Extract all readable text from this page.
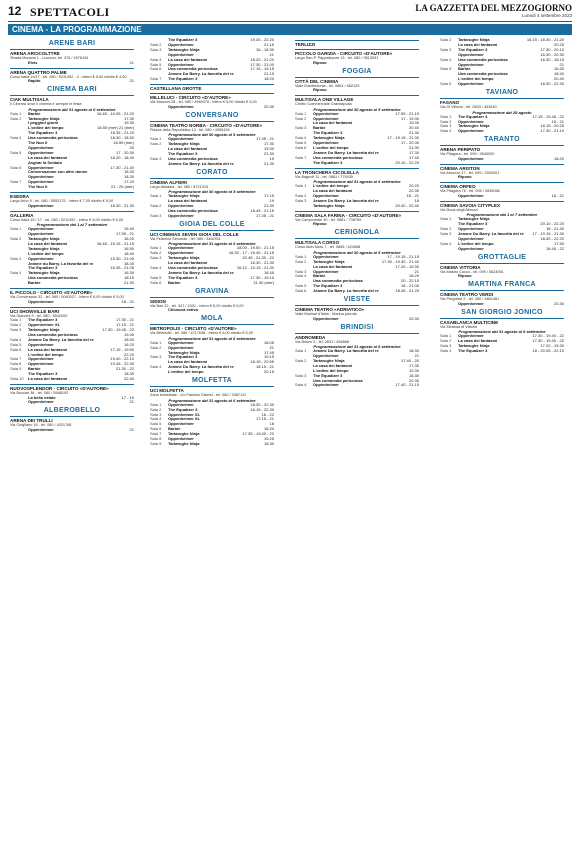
12 SPETTACOLI	LA GAZZETTA DEL MEZZOGIORNO
Lunedì 4 settembre 2023
CINEMA - LA PROGRAMMAZIONE
ARENE BARI
ARENA ARCICOLTTRE
Strada Moravia 1 - Lucumo, tel. 376 / 4976194
Elvis	21
ARENA QUATTRO PALME
Corso Italia 19/17 - tel. 080 / 5211492 - 4 - intero € 5,00 ridotto € 4,00
Rapito	21
CINEMA BARI
CIAK MULTISALA
Il Cinema dove il cinema è sempre in festa
Programmazione dal 31 agosto al 6 settembre
Sala 1	Barbie	16.45 - 19.05 - 21.20
Sala 2	Tartarughe Ninja	17.30
I peggiori giorni	19.30
L'ordine del tempo	18.50 (mer) 21 (mer)
The Equalizer 3	18.35 - 21.20
Sala 4	Una commedia pericolosa	18.30 - 18.50
The Nun II	18.50 (mer)
Oppenheimer	20
Sala 5	Oppenheimer	17 - 20.30
La casa dei fantasmi	18.20 - 18.40
Asghar la Soldato
Sala 6	Oppenheimer	17.30 - 21.40
Conversazione con altre donne	18.30
Oppenheimer	18.30
Sala 7	Oppenheimer	17.20
The Nun II	21 - 20 (mer)
ESEDRA
Largo Arno 9 - tel. 080 / 5553175 - intero € 7,00 ridotto € 5,00
Oppenheimer	18.30 - 21.30
GALLERIA
Corso Italia 15 / 17 - tel. 080 / 5211492 - intero € 8,00 ridotto € 6,00
Programmazione dal 1 al 7 settembre
Sala 1	Oppenheimer	15.40
Oppenheimer	17.55 - 21
Sala 2	Tartarughe Ninja	16.20
La casa dei fantasmi	16.45 - 19.15 - 21.15
Tartarughe Ninja	16.50
L'ordine del tempo	18.40
Sala 3	Oppenheimer	15.30 - 21.05
Jeanne du Barry. La favorita del re	18.30
The Equalizer 3	16.35 - 21.05
Sala 4	Tartarughe Ninja	16.30
Una commedia pericolosa	18.15
Barbie	21.30
IL PICCOLO - CIRCUITO «D'AUTORE»
Via Conversano 32 - tel. 080 / 5040027 - intero € 6,00 ridotto € 5,00
Oppenheimer	18 - 21
UCI SHOWVILLE BARI
Via Giannini 9 - tel. 080 / 5542000
Sala 1	The Equalizer 3	17.30 - 21
Sala 2	Oppenheimer XL	17.15 - 21
Sala 3	Tartarughe Ninja	17.30 - 19.45 - 22
Una commedia pericolosa	19.45
Sala 4	Jeanne Du Barry. La favorita del re	18.50
Sala 5	Oppenheimer	16.20
Sala 6	La casa dei fantasmi	17.15 - 19.50
L'ordine del tempo	22.20
Sala 7	Oppenheimer	19.40 - 22.10
Sala 8	Oppenheimer	19.45 - 22.30
Sala 9	Barbie	21.30 - 22
The Equalizer 3	18.30
Sala 10	La casa dei fantasmi	22.40
NUOVOSPLENDOR - CIRCUITO «D'AUTORE»
Via Buccari 36 - tel. 080 / 5568192
La bella estate	17 - 19
Oppenheimer	21
ALBEROBELLO
ARENA DEI TRULLI
Via Cirigliano 16 - tel. 080 / 4321768
Oppenheimer	21
The Equalizer 3	19.30 - 22.20
Sala 2	Oppenheimer	21.15
Sala 3	Tartarughe Ninja	16 - 18.30
Oppenheimer	21
Sala 4	La casa dei fantasmi	18.20 - 21.20
Sala 5	Oppenheimer	17.30 - 21.00
Sala 6	Una commedia pericolosa	17.15 - 19.15
Jeanne Du Barry. La favorita del re	21.15
Sala 7	The Equalizer 3	18.20
CASTELLANA GROTTE
MILLELUCI - CIRCUITO «D'AUTORE»
Via Marconi 26 - tel. 080 / 4965378 - intero € 6,00 ridotto € 5,00
Oppenheimer	20.30
CONVERSANO
CINEMA TEATRO NORBA - CIRCUITO «D'AUTORE»
Piazza della Repubblica 14 - tel. 080 / 4956426
Programmazione dal 30 agosto al 5 settembre
Sala 1	Oppenheimer	17.45 - 21
Sala 2	Tartarughe Ninja	17.30
La casa dei fantasmi	19.30
The Equalizer 3	21.30
Sala 3	Una commedia pericolosa	19
Jeanne Du Barry. La favorita del re	21.30
CORATO
CINEMA ALFIERI
Largo Abbazia - tel. 080 / 8721015
Programmazione dal 30 agosto al 5 settembre
Sala 1	Tartarughe Ninja	17.15
La casa dei fantasmi	19
Sala 2	Oppenheimer	21.30
Una commedia pericolosa	18.45 - 21.15
Sala 3	Oppenheimer	17.45 - 21
GIOIA DEL COLLE
UCI CINEMAS SEVEN GIOIA DEL COLLE
Via Federico Secondo - tel. 080 / 3462911
Programmazione dal 31 agosto al 6 settembre
Sala 1	Oppenheimer	18.00 - 19.50 - 21.15
Sala 2	Oppenheimer	16.30 - 17 - 19.45 - 21.15
Sala 3	Tartarughe Ninja	20.45 - 21.30 - 22
La casa dei fantasmi	16.30 - 21.30
Sala 4	Una commedia pericolosa	16.10 - 19.15 - 21.30
Jeanne Du Barry. La favorita del re	18.45
Sala 5	The Equalizer 3	17.30 - 19.10
Sala 6	Barbie	21.30 (mer)
GRAVINA
SIDION
Via Bari 22 - tel. 347 / 2401 - intero € 6,00 ridotto € 5,00
Chiusura estiva
MOLA
METROPOLIS - CIRCUITO «D'AUTORE»
Via Bertolotti - tel. 080 / 4717638 - intero € 6,00 ridotto € 5,00
Programmazione dal 31 agosto al 6 settembre
Sala 1	Oppenheimer	18.05
Sala 2	Oppenheimer	21
Tartarughe Ninja	17.45
Sala 3	The Equalizer 3	19.15
La casa dei fantasmi	18.15 - 20.55
Sala 4	Jeanne Du Barry. La favorita del re	18.15 - 21
L'ordine del tempo	20.15
MOLFETTA
UCI MOLFETTA
Zona industriale - c/o Fashion District - tel. 080 / 3387112
Programmazione dal 31 agosto al 6 settembre
Sala 1	Oppenheimer	18.30 - 22.30
Sala 2	The Equalizer 3	16.15 - 22.30
Sala 3	Oppenheimer XL	16 - 22
Sala 4	Oppenheimer XL	17.15 - 21
Sala 5	Oppenheimer	18
Sala 6	Barbie	16.20
Sala 7	Tartarughe Ninja	17.35 - 19.40 - 22
Sala 8	Oppenheimer	19.25
Sala 9	Tartarughe Ninja	16.30
TERLIZZI
PICCOLO GARIZIA - CIRCUITO «D'AUTORE»
Largo San P. Pappalepore 13 - tel. 080 / 3513091
Riposo
FOGGIA
CITTÀ DEL CINEMA
Viale Manfredonia - tel. 0881 / 682129
Riposo
MULTISALA ONE VILLAGE
Centro Commerciale Grandapulia
Programmazione dal 30 agosto al 5 settembre
Sala 1	Oppenheimer	17.55 - 21.15
Sala 2	Oppenheimer	17 - 19.30
La casa dei fantasmi	19.30
Sala 3	Barbie	20.40
The Equalizer 3	21.30
Sala 4	Tartarughe Ninja	17 - 19.15 - 21.30
Sala 5	Oppenheimer	17 - 20.30
Sala 6	L'ordine del tempo	21.30
Jeanne Du Barry. La favorita del re	17.30
Sala 7	Una commedia pericolosa	17.40
The Equalizer 3	20.10 - 22.20
LA TRONCHERA CICOLELLA
Via Bagnoli 11 - tel. 0881 / 775435
Programmazione dal 31 agosto al 6 settembre
Sala 1	L'ordine del tempo	20.20
La casa dei fantasmi	22.30
Sala 2	Oppenheimer	18 - 21
Sala 3	Jeanne Du Barry. La favorita del re	18
Tartarughe Ninja	20.40 - 22.40
CINEMA SALA FARINA - CIRCUITO «D'AUTORE»
Via Camporeale 30 - tel. 0881 / 708769
Riposo
CERIGNOLA
MULTISALA CORSO
Corso Aldo Moro 7 - tel. 0885 / 424068
Programmazione dal 30 agosto al 5 settembre
Sala 1	Oppenheimer	17 - 19.15 - 21.15
Sala 2	Tartarughe Ninja	17.30 - 19.30 - 21.40
La casa dei fantasmi	17.20 - 19.30
Sala 3	Oppenheimer	21
Sala 4	Barbie	18.20
Una commedia pericolosa	20 - 22.15
Sala 5	The Equalizer 3	18 - 21.05
Sala 6	Jeanne Du Barry. La favorita del re	18.45 - 21.20
VIESTE
CINEMA TEATRO «ADRIATICO»
Viale Marinai d'Italia - Marina piccola
Oppenheimer	20.30
BRINDISI
ANDROMEDA
Via Bosco 2 - tel. 0831 / 456868
Programmazione dal 31 agosto al 6 settembre
Sala 1	Jeanne Du Barry. La favorita del re	18.30
Oppenheimer	21
Sala 2	Tartarughe Ninja	17.40 - 20
La casa dei fantasmi	17.30
L'ordine del tempo	19.30
Sala 3	The Equalizer 3	18.30
Una commedia pericolosa	20.30
Sala 4	Oppenheimer	17.40 - 21.15
Sala 2	Tartarughe Ninja	16.15 - 18.30 - 21.20
La casa dei fantasmi	20.25
Sala 3	The Equalizer 3	17.30 - 20.10
Oppenheimer	16.30 - 20.30
Sala 4	Una commedia pericolosa	16.30 - 18.15
Oppenheimer	21
Sala 5	Barbie	16.30
Una commedia pericolosa	18.40
L'ordine del tempo	20.40
Sala 6	Oppenheimer	18.30 - 22.30
TAVIANO
FASANO
Via Di Vittorio - tel. 0833 / 453430
Programmazione dal 28 agosto
Sala 1	The Equalizer 3	17.15 - 19.45 - 22
Sala 2	Oppenheimer	18 - 21
Sala 3	Tartarughe Ninja	18.15 - 20.25
Sala 4	Oppenheimer	17.30 - 21.10
TARANTO
ARENA PERIPATO
Via Pitagora - tel. 099 / 4540000
Oppenheimer	18.20
CINEMA ARISTON
Via Abruzzo 17 - tel. 099 / 2500001
Riposo
CINEMA ORFEO
Via Pitagora 76 - tel. 099 / 4535066
Oppenheimer	18 - 21
CINEMA SAVOIA CITYPLEX
Via Duca degli Abruzzi
Programmazione dal 1 al 7 settembre
Sala 1	Tartarughe Ninja
The Equalizer 3	20.10 - 22.20
Sala 2	Oppenheimer	18 - 21.30
Sala 3	Jeanne Du Barry. La favorita del re	17 - 19.15 - 21.30
Oppenheimer	18.30 - 22.20
Sala 4	L'ordine del tempo	17.50
Oppenheimer	18.45 - 22
GROTTAGLIE
CINEMA VITTORIA
Via Mastro Cocco - tel. 099 / 5623061
Riposo
MARTINA FRANCA
CINEMA TEATRO VERDI
Via Pergolesi 2 - tel. 080 / 4801481
Oppenheimer	20.30
SAN GIORGIO JONICO
CASABLANCA MULTICINE
Via Miranda di Vittorio
Programmazione dal 31 agosto al 6 settembre
Sala 1	Oppenheimer	17.30 - 19.40 - 22
Sala 2	La casa dei fantasmi	17.30 - 19.40 - 22
Sala 3	Tartarughe Ninja	17.20 - 19.30
Sala 4	The Equalizer 3	18 - 20.05 - 22.10
